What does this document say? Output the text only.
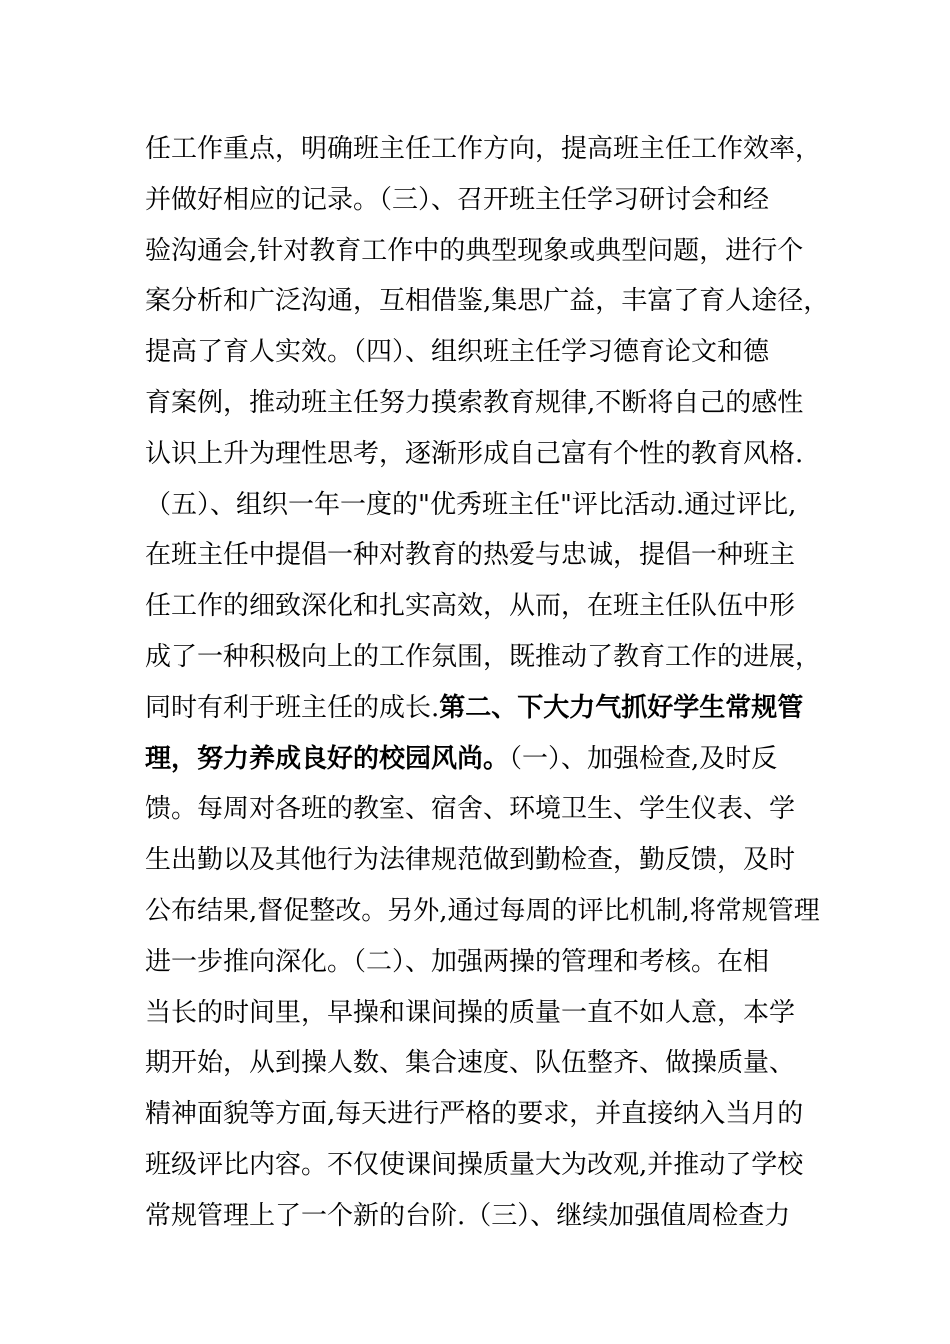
任工作重点，明确班主任工作方向，提高班主任工作效率，
并做好相应的记录。（三）、召开班主任学习研讨会和经
验沟通会,针对教育工作中的典型现象或典型问题，进行个
案分析和广泛沟通，互相借鉴,集思广益，丰富了育人途径，
提高了育人实效。（四）、组织班主任学习德育论文和德
育案例，推动班主任努力摸索教育规律,不断将自己的感性
认识上升为理性思考，逐渐形成自己富有个性的教育风格.
（五）、组织一年一度的"优秀班主任"评比活动.通过评比,
在班主任中提倡一种对教育的热爱与忠诚，提倡一种班主
任工作的细致深化和扎实高效，从而，在班主任队伍中形
成了一种积极向上的工作氛围，既推动了教育工作的进展，
同时有利于班主任的成长.第二、下大力气抓好学生常规管
理，努力养成良好的校园风尚。（一）、加强检查,及时反
馈。每周对各班的教室、宿舍、环境卫生、学生仪表、学
生出勤以及其他行为法律规范做到勤检查，勤反馈，及时
公布结果,督促整改。另外,通过每周的评比机制,将常规管理
进一步推向深化。（二）、加强两操的管理和考核。在相
当长的时间里，早操和课间操的质量一直不如人意，本学
期开始，从到操人数、集合速度、队伍整齐、做操质量、
精神面貌等方面,每天进行严格的要求，并直接纳入当月的
班级评比内容。不仅使课间操质量大为改观,并推动了学校
常规管理上了一个新的台阶.（三）、继续加强值周检查力
